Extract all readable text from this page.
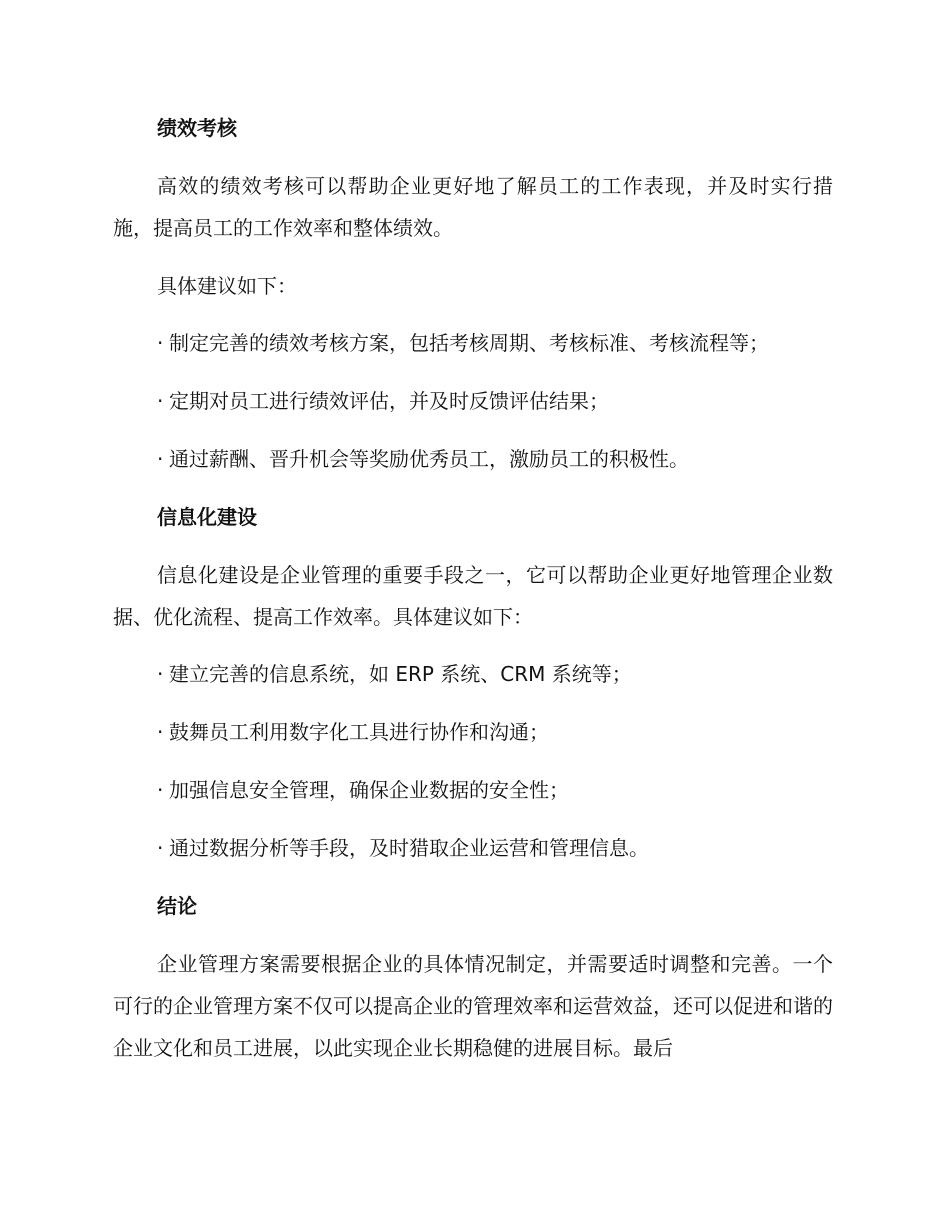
绩效考核

高效的绩效考核可以帮助企业更好地了解员工的工作表现，并及时实行措施，提高员工的工作效率和整体绩效。

具体建议如下：

· 制定完善的绩效考核方案，包括考核周期、考核标准、考核流程等；
· 定期对员工进行绩效评估，并及时反馈评估结果；
· 通过薪酬、晋升机会等奖励优秀员工，激励员工的积极性。
信息化建设

信息化建设是企业管理的重要手段之一，它可以帮助企业更好地管理企业数据、优化流程、提高工作效率。具体建议如下：

· 建立完善的信息系统，如 ERP 系统、CRM 系统等；
· 鼓舞员工利用数字化工具进行协作和沟通；
· 加强信息安全管理，确保企业数据的安全性；
· 通过数据分析等手段，及时猎取企业运营和管理信息。
结论

企业管理方案需要根据企业的具体情况制定，并需要适时调整和完善。一个可行的企业管理方案不仅可以提高企业的管理效率和运营效益，还可以促进和谐的企业文化和员工进展，以此实现企业长期稳健的进展目标。最后
